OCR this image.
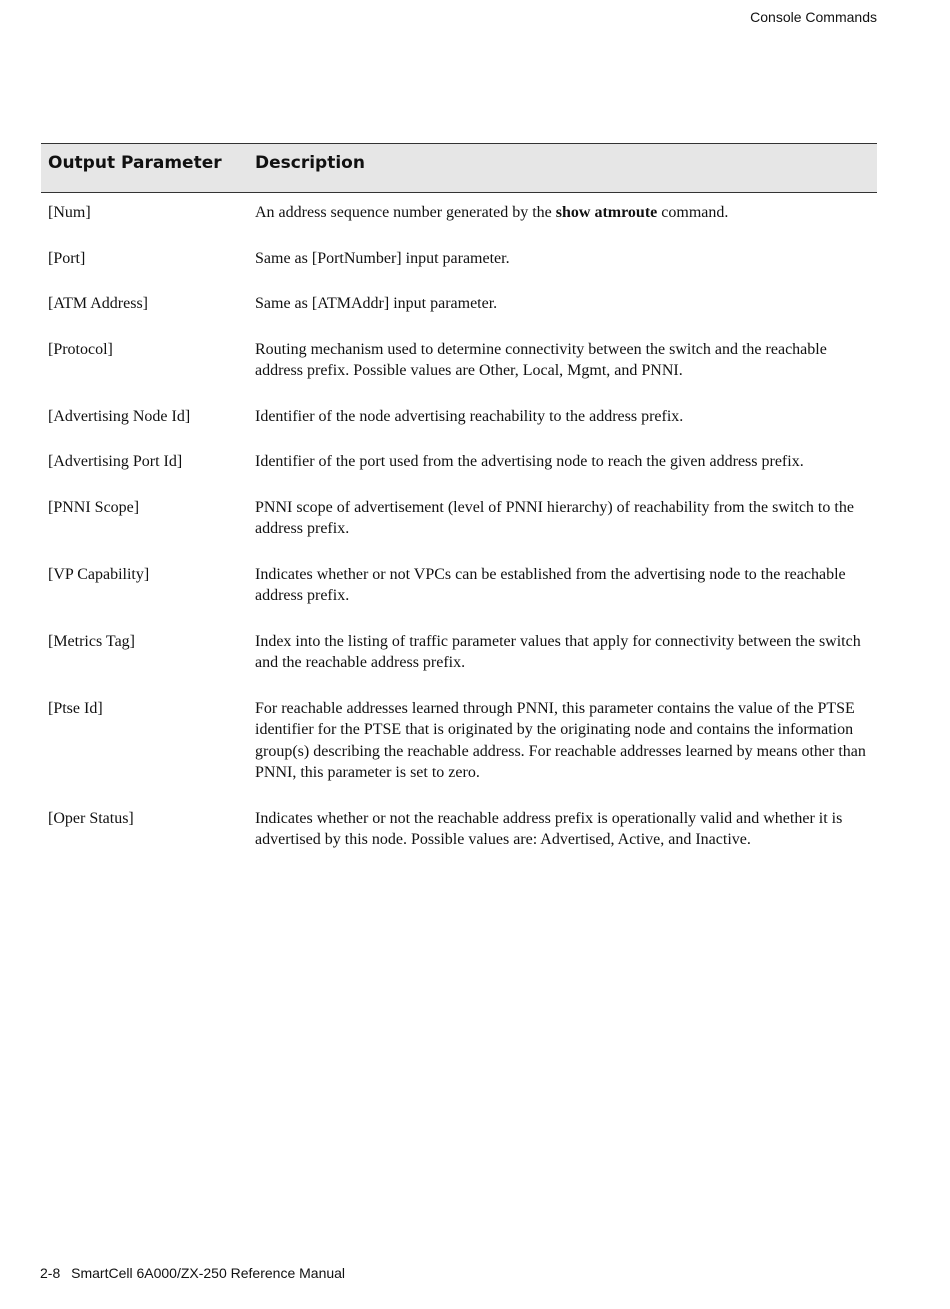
Console Commands
Output Parameter	Description
[Num]	An address sequence number generated by the show atmroute command.
[Port]	Same as [PortNumber] input parameter.
[ATM Address]	Same as [ATMAddr] input parameter.
[Protocol]	Routing mechanism used to determine connectivity between the switch and the reachable address prefix. Possible values are Other, Local, Mgmt, and PNNI.
[Advertising Node Id]	Identifier of the node advertising reachability to the address prefix.
[Advertising Port Id]	Identifier of the port used from the advertising node to reach the given address prefix.
[PNNI Scope]	PNNI scope of advertisement (level of PNNI hierarchy) of reachability from the switch to the address prefix.
[VP Capability]	Indicates whether or not VPCs can be established from the advertising node to the reachable address prefix.
[Metrics Tag]	Index into the listing of traffic parameter values that apply for connectivity between the switch and the reachable address prefix.
[Ptse Id]	For reachable addresses learned through PNNI, this parameter contains the value of the PTSE identifier for the PTSE that is originated by the originating node and contains the information group(s) describing the reachable address. For reachable addresses learned by means other than PNNI, this parameter is set to zero.
[Oper Status]	Indicates whether or not the reachable address prefix is operationally valid and whether it is advertised by this node. Possible values are: Advertised, Active, and Inactive.
2-8 SmartCell 6A000/ZX-250 Reference Manual
